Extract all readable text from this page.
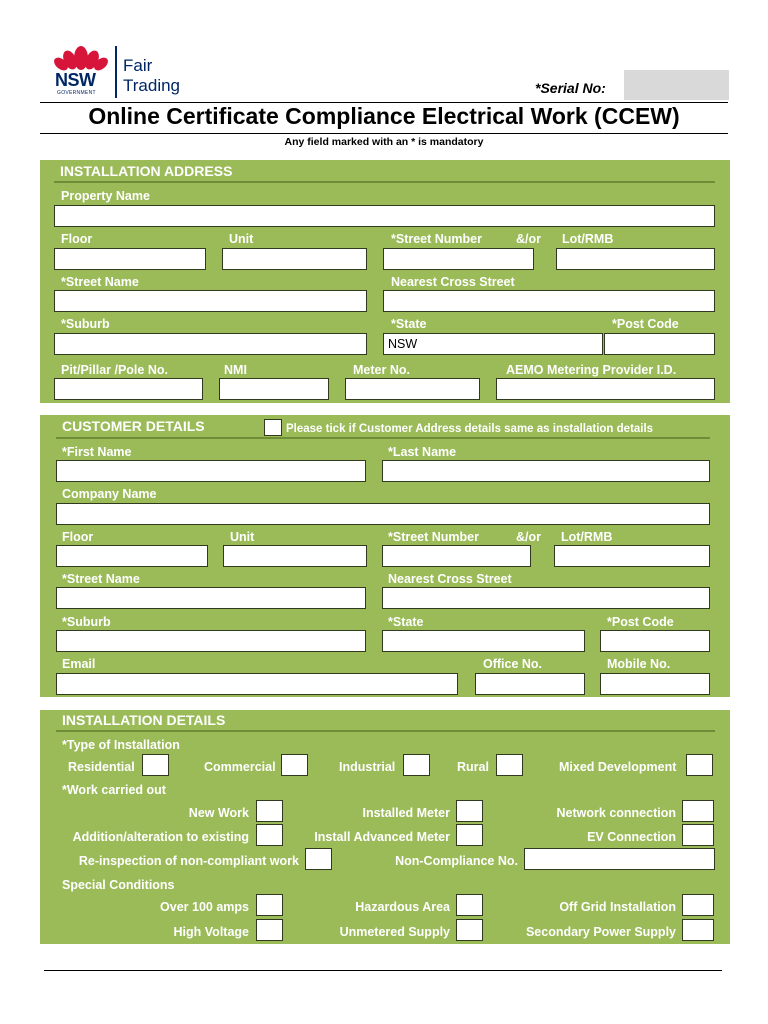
NSW
GOVERNMENT
Fair
Trading	*Serial No:
Online Certificate Compliance Electrical Work (CCEW)
Any field marked with an * is mandatory
INSTALLATION ADDRESS
Property Name
Floor	Unit	*Street Number	&/or Lot/RMB
*Street Name	Nearest Cross Street
*Suburb	*State	*Post Code
NSW
Pit/Pillar /Pole No.	NMI	Meter No.	AEMO Metering Provider I.D.
CUSTOMER DETAILS	Please tick if Customer Address details same as installation details
*First Name	*Last Name
Company Name
Floor	Unit	*Street Number	&/or Lot/RMB
*Street Name	Nearest Cross Street
*Suburb	*State	*Post Code
Email	Office No.	Mobile No.
INSTALLATION DETAILS
*Type of Installation
Residential	Commercial	Industrial	Rural	Mixed Development
*Work carried out
New Work	Installed Meter	Network connection
Addition/alteration to existing	Install Advanced Meter	EV Connection
Re-inspection of non-compliant work	Non-Compliance No.
Special Conditions
Over 100 amps	Hazardous Area	Off Grid Installation
High Voltage	Unmetered Supply	Secondary Power Supply
